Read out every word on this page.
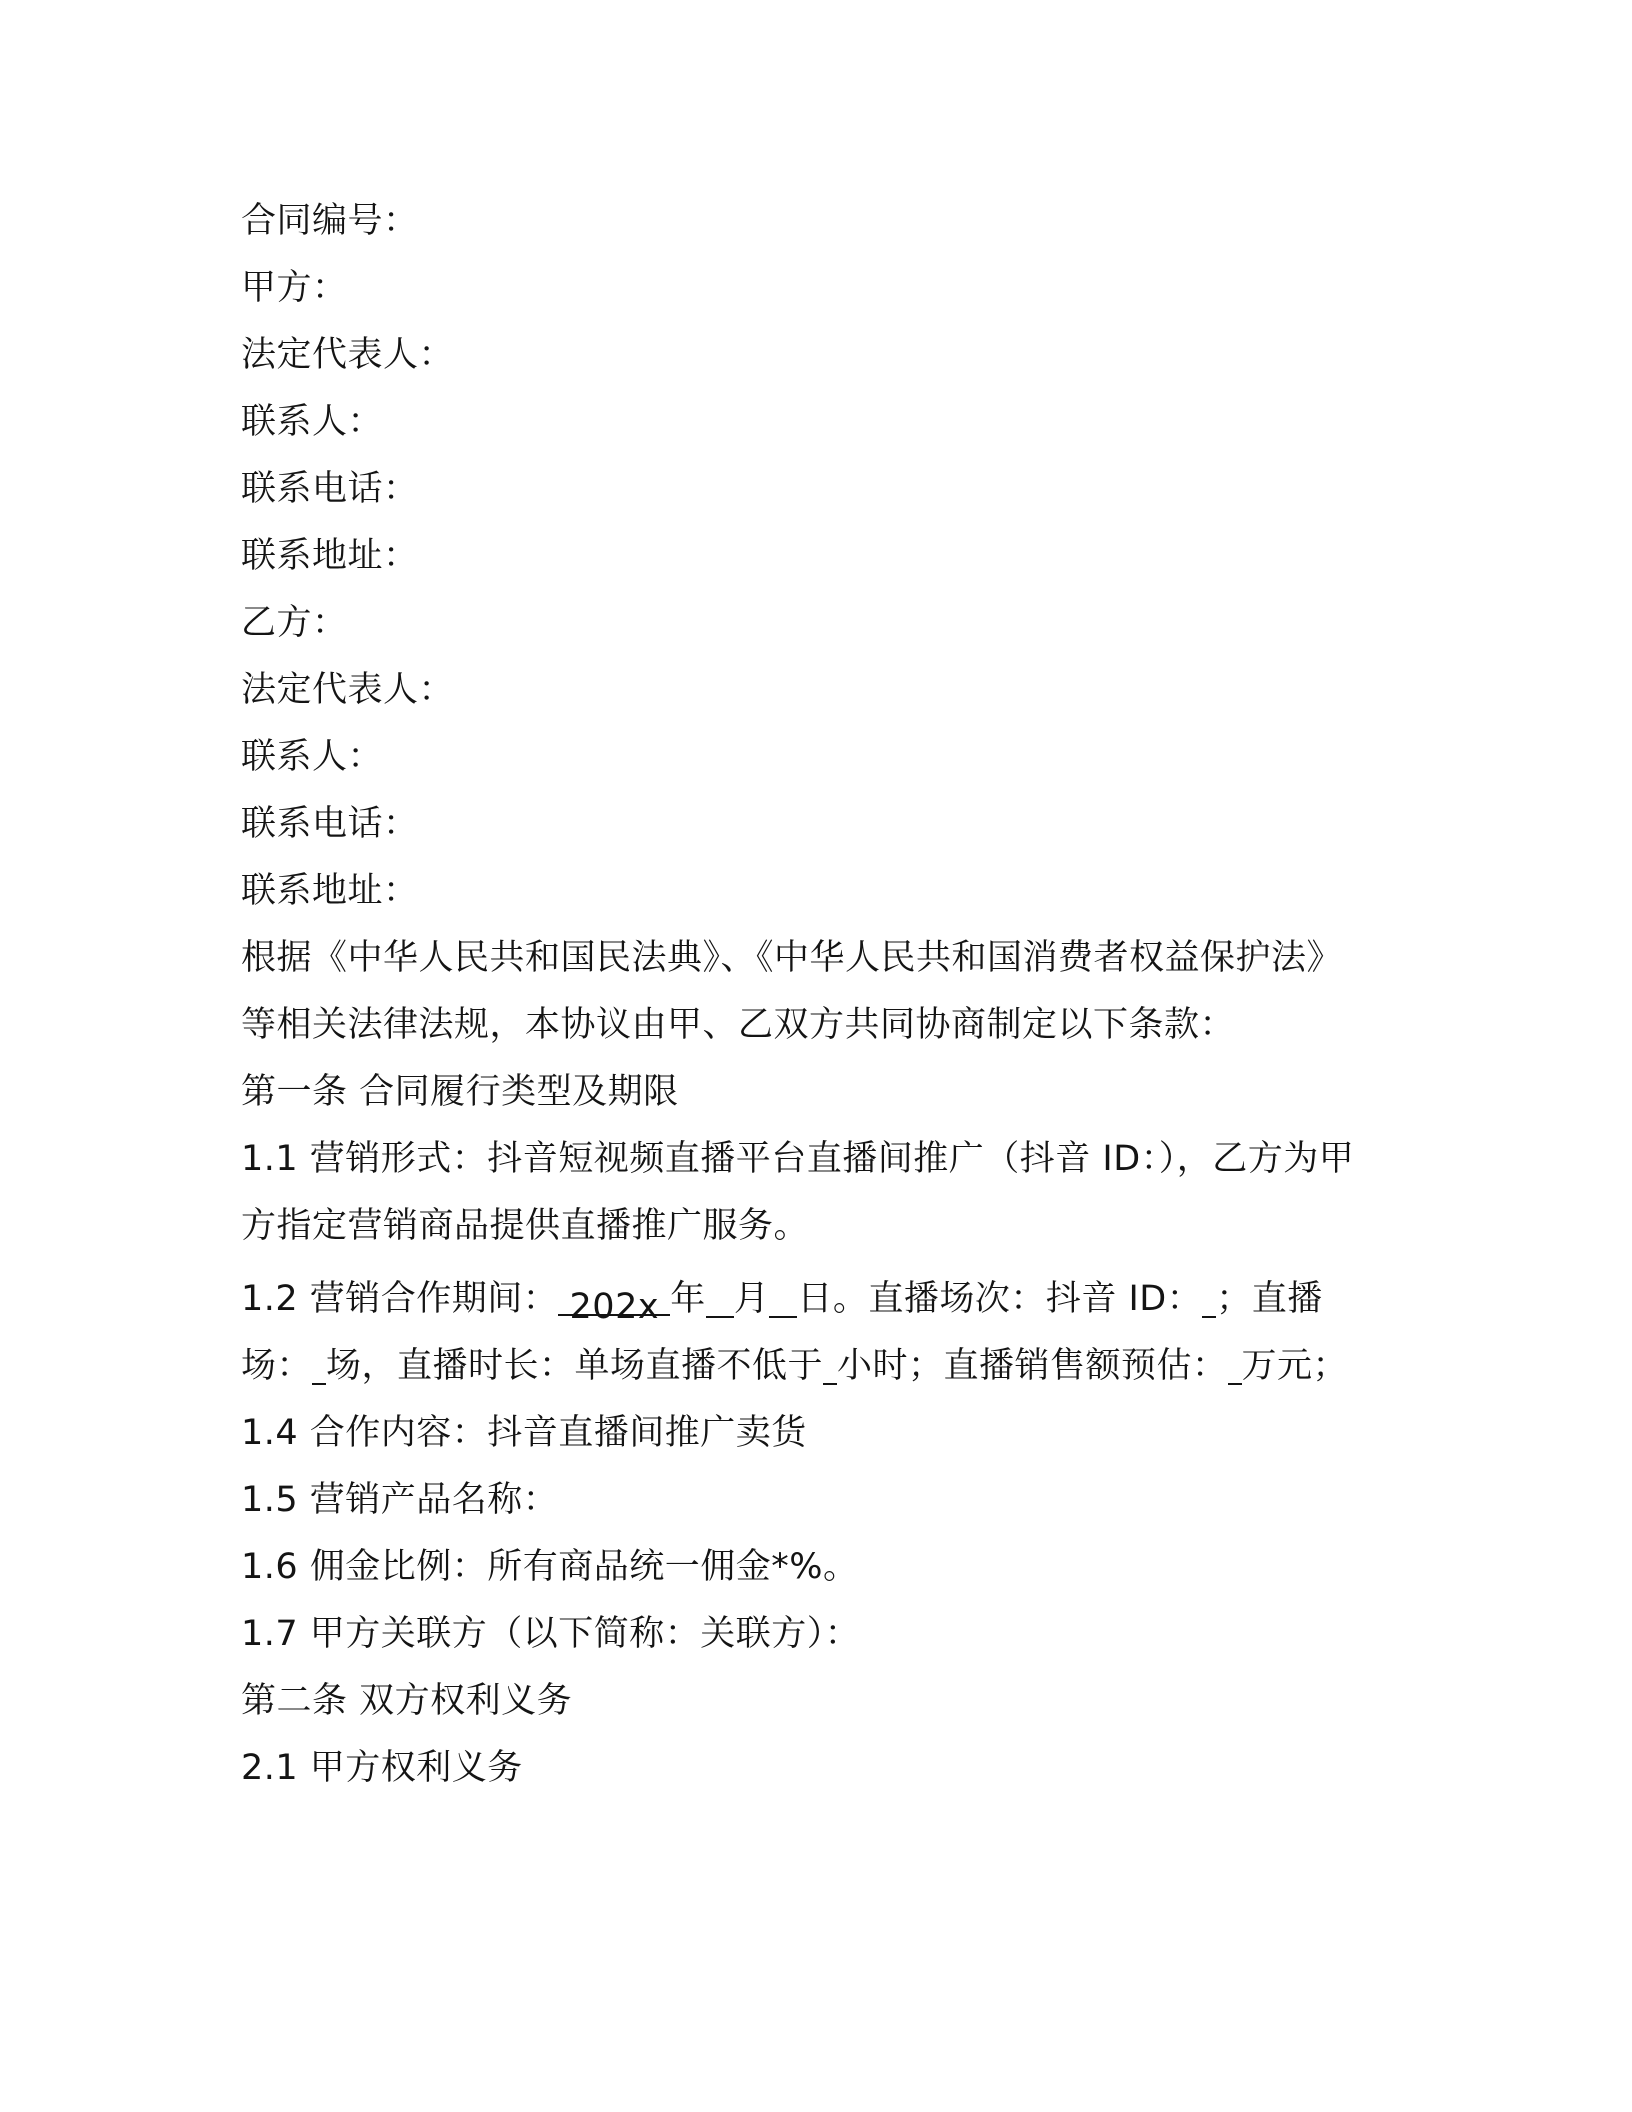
合同编号：
甲方：
法定代表人：
联系人：
联系电话：
联系地址：
乙方：
法定代表人：
联系人：
联系电话：
联系地址：
根据《中华人民共和国民法典》、《中华人民共和国消费者权益保护法》等相关法律法规，本协议由甲、乙双方共同协商制定以下条款：
第一条 合同履行类型及期限
1.1 营销形式：抖音短视频直播平台直播间推广（抖音 ID：），乙方为甲方指定营销商品提供直播推广服务。
1.2 营销合作期间： 202x 年 月 日。直播场次：抖音 ID： ；直播场： 场，直播时长：单场直播不低于 小时；直播销售额预估： 万元；
1.4 合作内容：抖音直播间推广卖货
1.5 营销产品名称：
1.6 佣金比例：所有商品统一佣金*%。
1.7 甲方关联方（以下简称：关联方）：
第二条 双方权利义务
2.1 甲方权利义务
